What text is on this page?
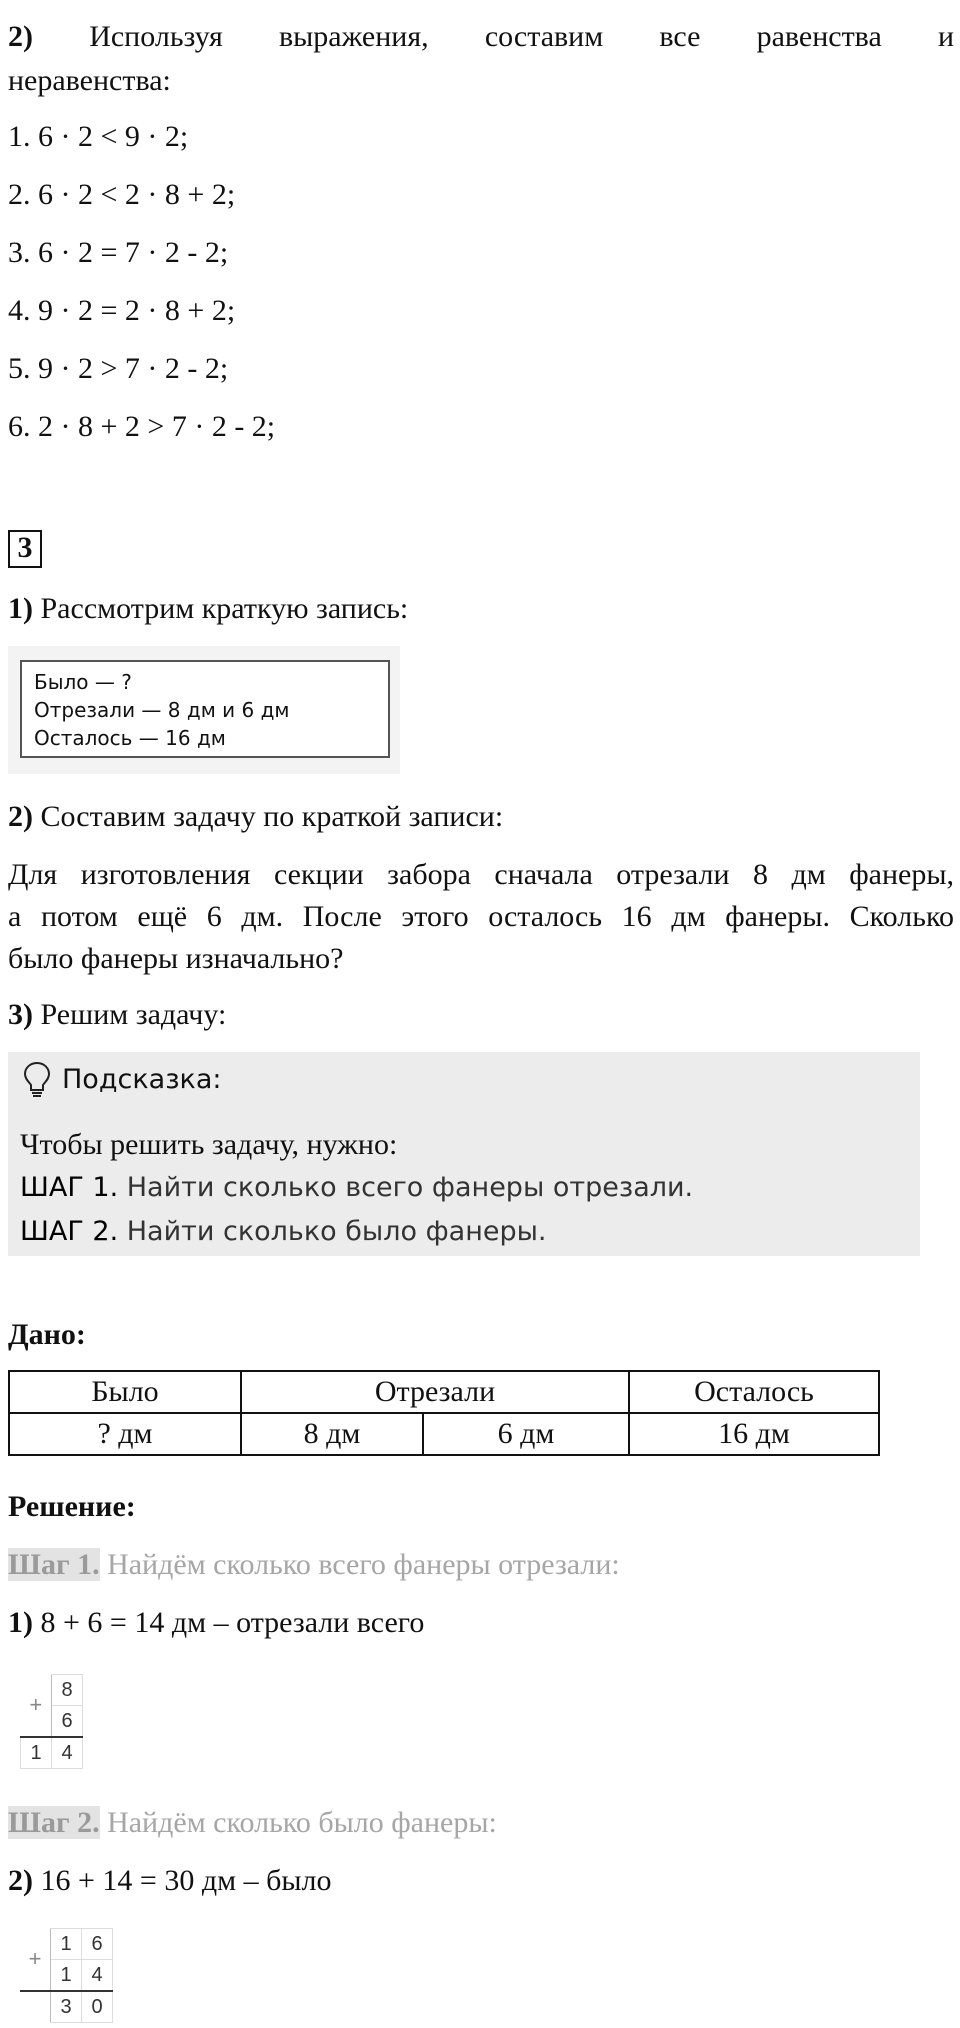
2) Используя выражения, составим все равенства и
неравенства:
1. 6 · 2 < 9 · 2;
2. 6 · 2 < 2 · 8 + 2;
3. 6 · 2 = 7 · 2 - 2;
4. 9 · 2 = 2 · 8 + 2;
5. 9 · 2 > 7 · 2 - 2;
6. 2 · 8 + 2 > 7 · 2 - 2;
3
1) Рассмотрим краткую запись:
Было — ?
Отрезали — 8 дм и 6 дм
Осталось — 16 дм
2) Составим задачу по краткой записи:
Для изготовления секции забора сначала отрезали 8 дм фанеры,
а потом ещё 6 дм. После этого осталось 16 дм фанеры. Сколько
было фанеры изначально?
3) Решим задачу:
Подсказка:
Чтобы решить задачу, нужно:
ШАГ 1. Найти сколько всего фанеры отрезали.
ШАГ 2. Найти сколько было фанеры.
Дано:
Было	Отрезали		Осталось
? дм	8 дм	6 дм	16 дм
Решение:
Шаг 1. Найдём сколько всего фанеры отрезали:
1) 8 + 6 = 14 дм – отрезали всего
+	8
	6
1	4
Шаг 2. Найдём сколько было фанеры:
2) 16 + 14 = 30 дм – было
+	1	6
	1	4
	3	0
